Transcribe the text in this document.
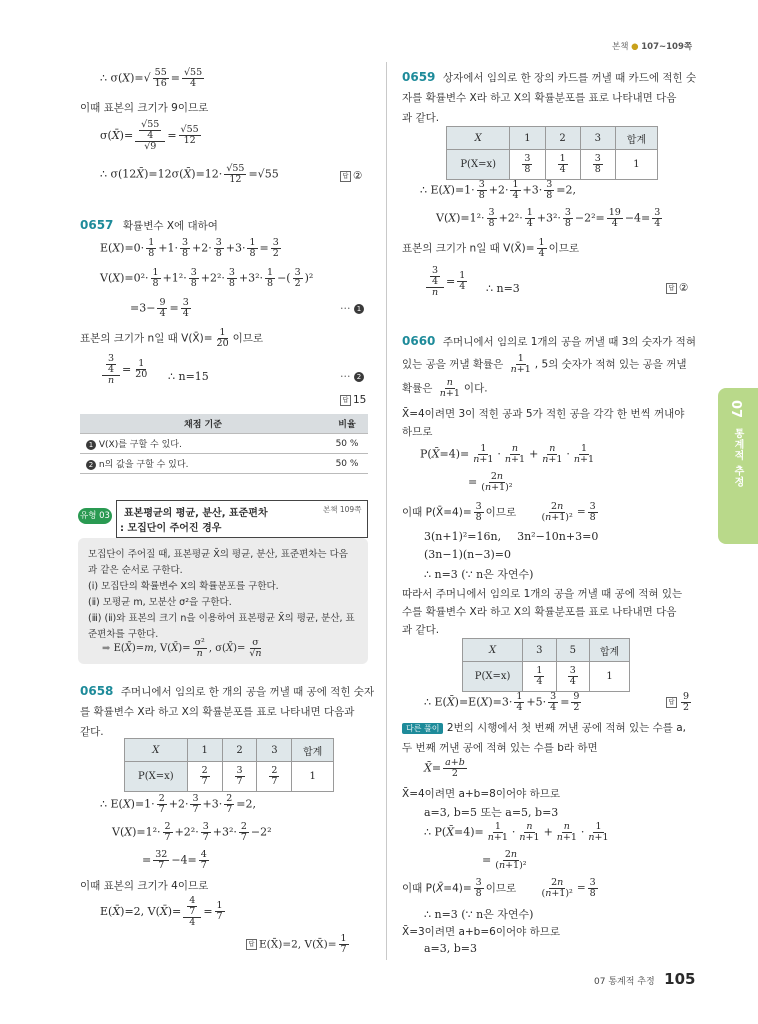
본책 ● 107~109쪽
07
통계적 추정
∴ $\sigma(X)=√ \frac{55}{16} = \frac{√55}{4}$
이때 표본의 크기가 9이므로
σ(X̄)= $\frac{\frac{√55}{4}}{√9} = \frac{√55}{12}$
∴ σ(12X̄)=12σ(X̄)=12· $\frac{√55}{12} =√55$	답 ②
0657 확률변수 X에 대하여
$E(X)=0\cdot \frac{1}{8} +1\cdot \frac{3}{8} +2\cdot \frac{3}{8} +3\cdot \frac{1}{8} = \frac{3}{2}$
$V(X)=0^2\cdot \frac{1}{8} +1^2\cdot \frac{3}{8} +2^2\cdot \frac{3}{8} +3^2\cdot \frac{1}{8}$ −( $\frac{3}{2} )^2$
$=3- \frac{9}{4} = \frac{3}{4}$	··· 1
표본의 크기가 n일 때 V(X̄)= $\frac{1}{20}$ 이므로
$\frac{\frac{3}{4}}{n} = \frac{1}{20}$ ∴ n=15	··· 2
답 15
채점 기준	비율
1 V(X)를 구할 수 있다.	50 %
2 n의 값을 구할 수 있다.	50 %
유형 03 표본평균의 평균, 분산, 표준편차
: 모집단이 주어진 경우
본책 109쪽
모집단이 주어질 때, 표본평균 X̄의 평균, 분산, 표준편차는 다음
과 같은 순서로 구한다.
(ⅰ) 모집단의 확률변수 X의 확률분포를 구한다.
(ⅱ) 모평균 m, 모분산 σ²을 구한다.
(ⅲ) (ⅱ)와 표본의 크기 n을 이용하여 표본평균 X̄의 평균, 분산, 표
준편차를 구한다.
➡ E(X̄)=m, V(X̄)= $\frac{\text{σ²}}{n}$ , σ(X̄)= $\frac{\sigma}{√n}$
0658 주머니에서 임의로 한 개의 공을 꺼낼 때 공에 적힌 숫자
를 확률변수 X라 하고 X의 확률분포를 표로 나타내면 다음과
같다.
X	1	2	3	합계
P(X=x)	$\frac{2}{7}$	$\frac{3}{7}$	$\frac{2}{7}$	1
∴ $E(X)=1\cdot \frac{2}{7} +2\cdot \frac{3}{7} +3\cdot \frac{2}{7} =2$,
$V(X)=1^2\cdot \frac{2}{7} +2^2\cdot \frac{3}{7} +3^2\cdot \frac{2}{7} -2^2$
= $\frac{32}{7} -4= \frac{4}{7}$
이때 표본의 크기가 4이므로
E(X̄)=2, V(X̄)= $\frac{\frac{4}{7}}{4} = \frac{1}{7}$
답 E(X̄)=2, V(X̄)= $\frac{1}{7}$
0659 상자에서 임의로 한 장의 카드를 꺼낼 때 카드에 적힌 숫
자를 확률변수 X라 하고 X의 확률분포를 표로 나타내면 다음
과 같다.
X	1	2	3	합계
P(X=x)	$\frac{3}{8}$	$\frac{1}{4}$	$\frac{3}{8}$	1
∴ $E(X)=1\cdot \frac{3}{8} +2\cdot \frac{1}{4} +3\cdot \frac{3}{8} =2$,
$V(X)=1^2\cdot \frac{3}{8} +2^2\cdot \frac{1}{4} +3^2\cdot \frac{3}{8} -2^2= \frac{19}{4} -4= \frac{3}{4}$
표본의 크기가 n일 때 V(X̄)= $\frac{1}{4}$ 이므로
$\frac{\frac{3}{4}}{n} = \frac{1}{4}$ ∴ n=3	답 ②
0660 주머니에서 임의로 1개의 공을 꺼낼 때 3의 숫자가 적혀
있는 공을 꺼낼 확률은 $\frac{1}{n+1}$ , 5의 숫자가 적혀 있는 공을 꺼낼
확률은 $\frac{n}{n+1}$ 이다.
X̄=4이려면 3이 적힌 공과 5가 적힌 공을 각각 한 번씩 꺼내야
하므로
P(X̄=4)= $\frac{1}{n+1} \cdot \frac{n}{n+1} + \frac{n}{n+1} \cdot \frac{1}{n+1}$
= $\frac{2n}{\text{(n+1)²}}$
이때 P(X̄=4)= $\frac{3}{8}$ 이므로 $\frac{2n}{\text{(n+1)²}} = \frac{3}{8}$
3(n+1)²=16n, 3n²−10n+3=0
(3n−1)(n−3)=0
∴ n=3 (∵ n은 자연수)
따라서 주머니에서 임의로 1개의 공을 꺼낼 때 공에 적혀 있는
수를 확률변수 X라 하고 X의 확률분포를 표로 나타내면 다음
과 같다.
X	3	5	합계
P(X=x)	$\frac{1}{4}$	$\frac{3}{4}$	1
∴ E(X̄)=E(X)=3· $\frac{1}{4} +5\cdot \frac{3}{4} = \frac{9}{2}$	답 $\frac{9}{2}$
다른 풀이 2번의 시행에서 첫 번째 꺼낸 공에 적혀 있는 수를 a,
두 번째 꺼낸 공에 적혀 있는 수를 b라 하면
X̄= $\frac{a+b}{2}$
X̄=4이려면 a+b=8이어야 하므로
a=3, b=5 또는 a=5, b=3
∴ P(X̄=4)= $\frac{1}{n+1} \cdot \frac{n}{n+1} + \frac{n}{n+1} \cdot \frac{1}{n+1}$
= $\frac{2n}{\text{(n+1)²}}$
이때 P(X̄=4)= $\frac{3}{8}$ 이므로 $\frac{2n}{\text{(n+1)²}} = \frac{3}{8}$
∴ n=3 (∵ n은 자연수)
X̄=3이려면 a+b=6이어야 하므로
a=3, b=3
07 통계적 추정 105
